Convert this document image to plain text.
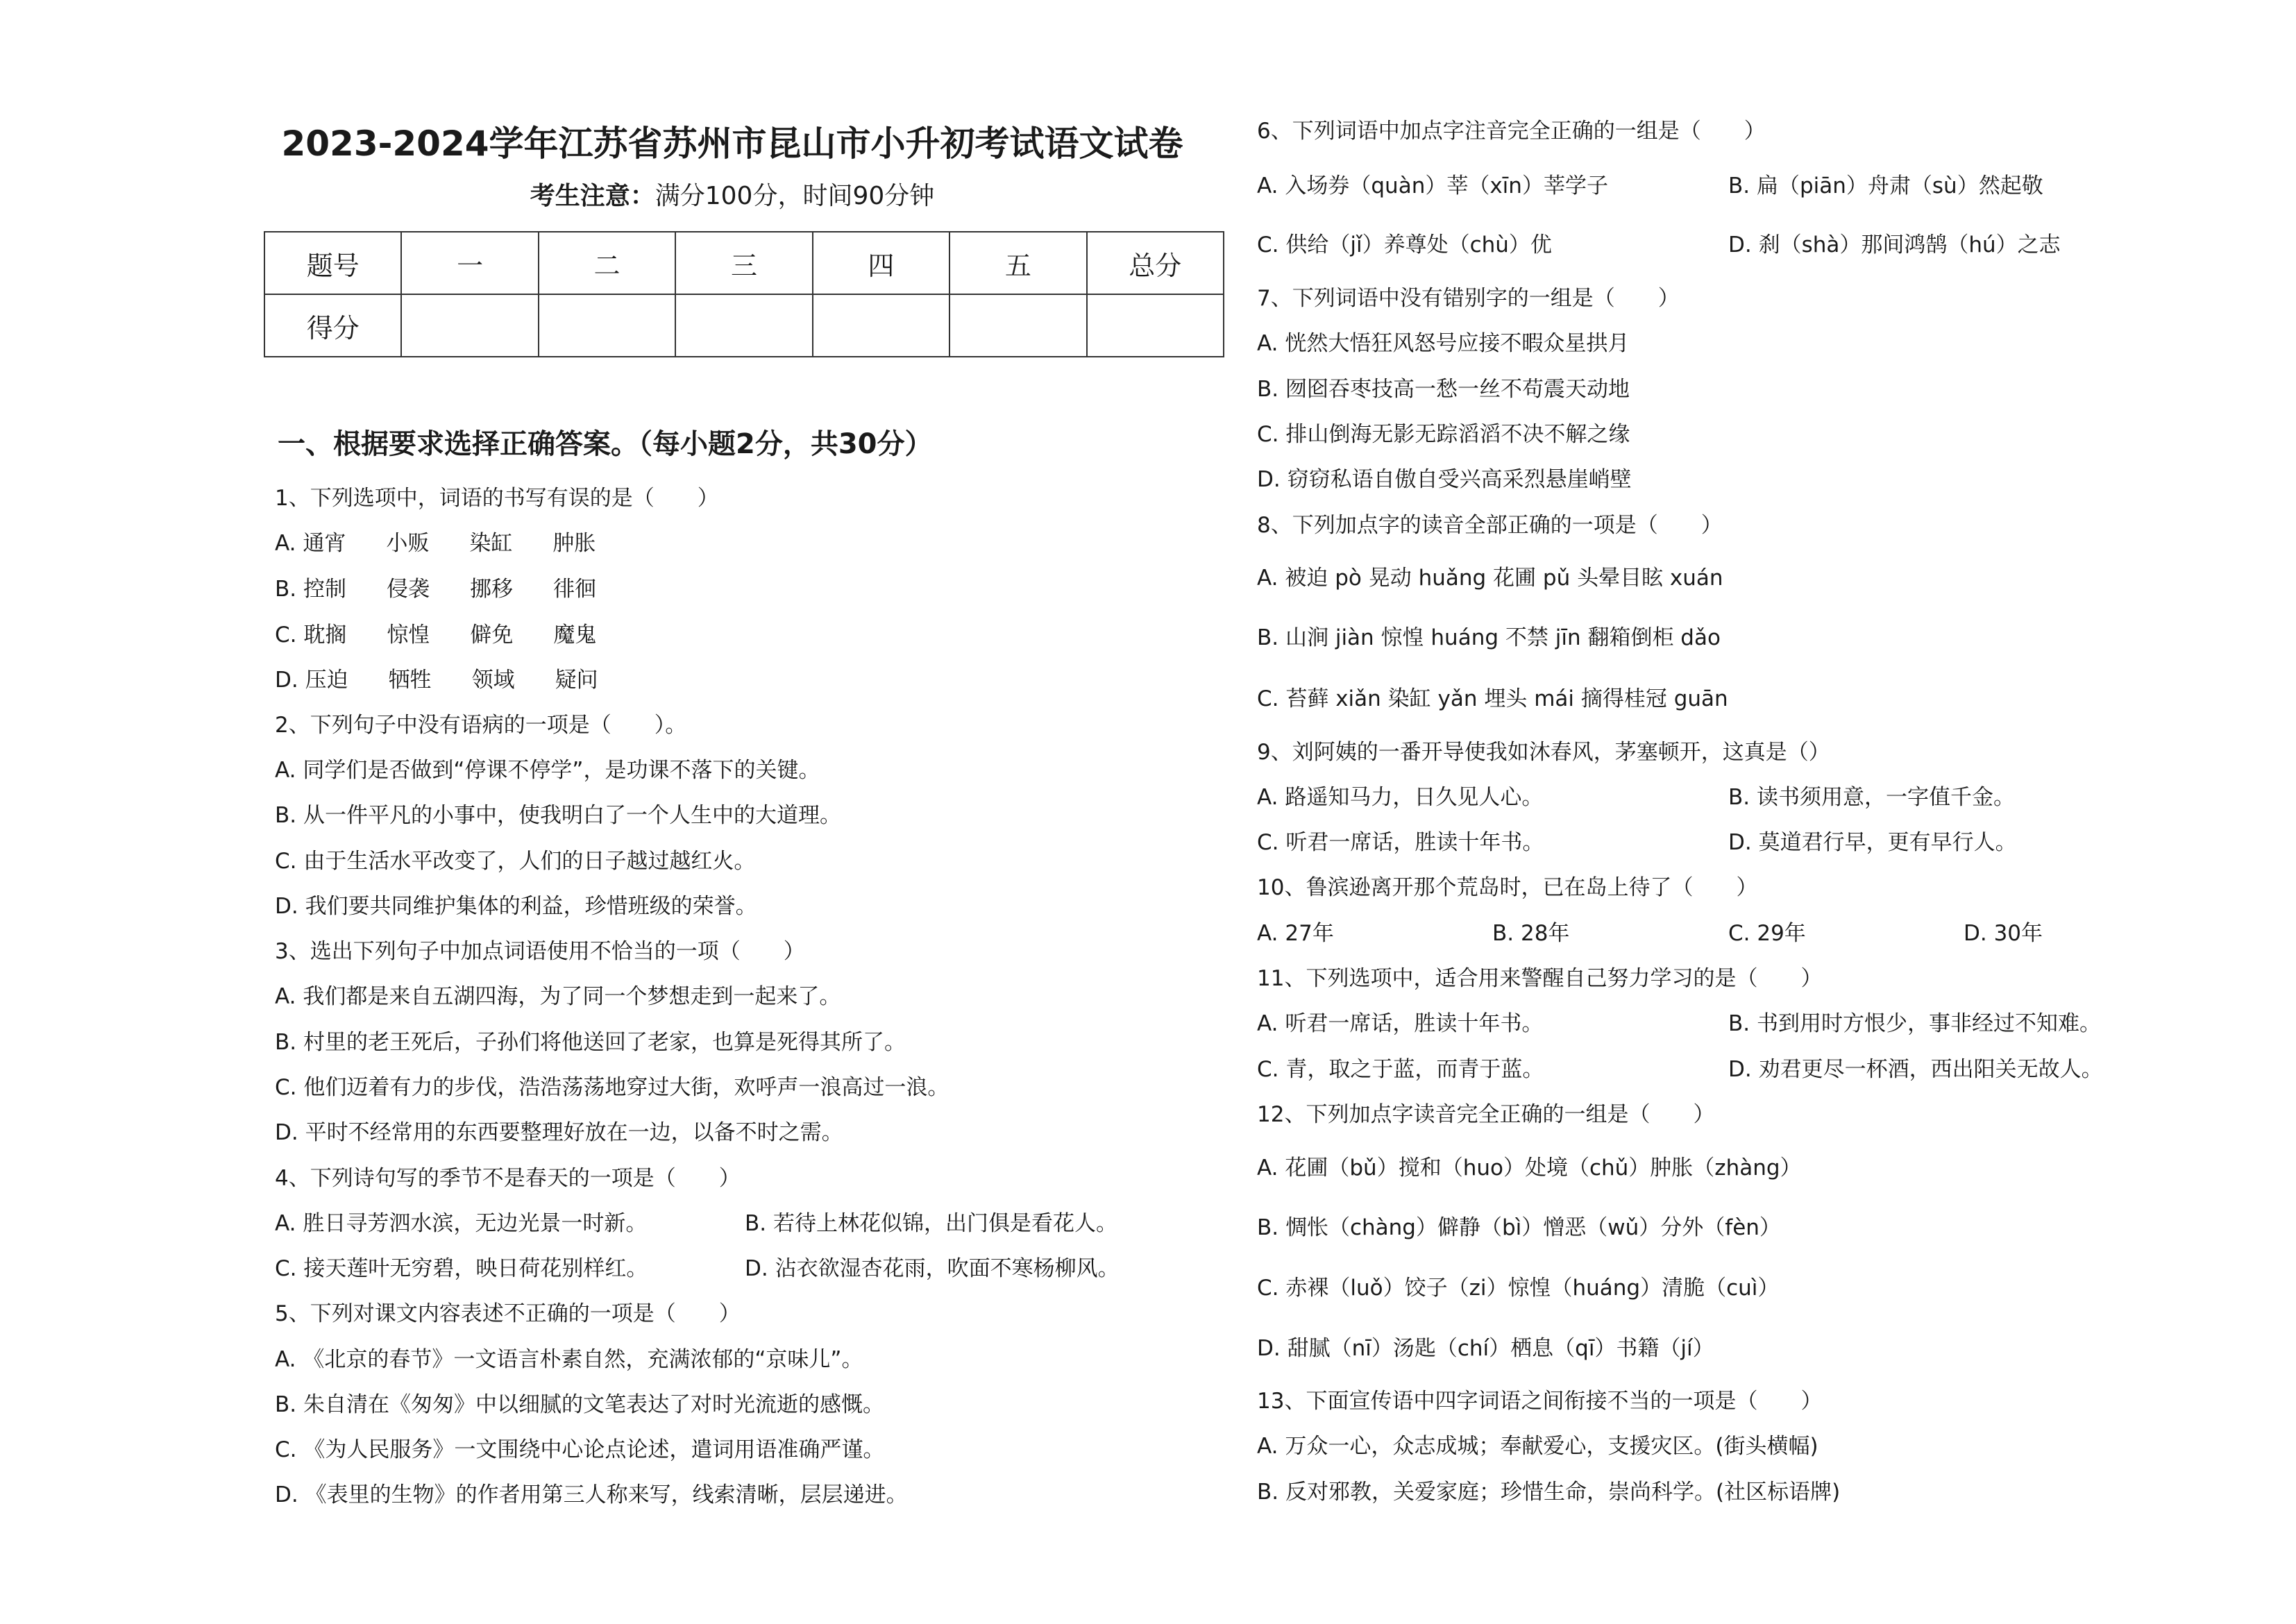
2023-2024学年江苏省苏州市昆山市小升初考试语文试卷
考生注意：满分100分，时间90分钟
题号	一	二	三	四	五	总分
得分						
一、根据要求选择正确答案。（每小题2分，共30分）
1、下列选项中，词语的书写有误的是（　　）
A. 通宵 小贩 染缸 肿胀
B. 控制 侵袭 挪移 徘徊
C. 耽搁 惊惶 僻免 魔鬼
D. 压迫 牺牲 领域 疑问
2、下列句子中没有语病的一项是（　　）。
A. 同学们是否做到“停课不停学”，是功课不落下的关键。
B. 从一件平凡的小事中，使我明白了一个人生中的大道理。
C. 由于生活水平改变了，人们的日子越过越红火。
D. 我们要共同维护集体的利益，珍惜班级的荣誉。
3、选出下列句子中加点词语使用不恰当的一项（　　）
A. 我们都是来自五湖四海，为了同一个梦想走到一起来了。
B. 村里的老王死后，子孙们将他送回了老家，也算是死得其所了。
C. 他们迈着有力的步伐，浩浩荡荡地穿过大街，欢呼声一浪高过一浪。
D. 平时不经常用的东西要整理好放在一边，以备不时之需。
4、下列诗句写的季节不是春天的一项是（　　）
A. 胜日寻芳泗水滨，无边光景一时新。	B. 若待上林花似锦，出门俱是看花人。
C. 接天莲叶无穷碧，映日荷花别样红。	D. 沾衣欲湿杏花雨，吹面不寒杨柳风。
5、下列对课文内容表述不正确的一项是（　　）
A. 《北京的春节》一文语言朴素自然，充满浓郁的“京味儿”。
B. 朱自清在《匆匆》中以细腻的文笔表达了对时光流逝的感慨。
C. 《为人民服务》一文围绕中心论点论述，遣词用语准确严谨。
D. 《表里的生物》的作者用第三人称来写，线索清晰，层层递进。
6、下列词语中加点字注音完全正确的一组是（　　）
A. 入场券（quàn）莘（xīn）莘学子	B. 扁（piān）舟肃（sù）然起敬
C. 供给（jǐ）养尊处（chù）优	D. 刹（shà）那间鸿鹄（hú）之志
7、下列词语中没有错别字的一组是（　　）
A. 恍然大悟狂风怒号应接不暇众星拱月
B. 囫囵吞枣技高一愁一丝不苟震天动地
C. 排山倒海无影无踪滔滔不决不解之缘
D. 窃窃私语自傲自受兴高采烈悬崖峭壁
8、下列加点字的读音全部正确的一项是（　　）
A. 被迫 pò 晃动 huǎng 花圃 pǔ 头晕目眩 xuán
B. 山涧 jiàn 惊惶 huáng 不禁 jīn 翻箱倒柜 dǎo
C. 苔藓 xiǎn 染缸 yǎn 埋头 mái 摘得桂冠 guān
9、刘阿姨的一番开导使我如沐春风，茅塞顿开，这真是（）
A. 路遥知马力，日久见人心。	B. 读书须用意，一字值千金。
C. 听君一席话，胜读十年书。	D. 莫道君行早，更有早行人。
10、鲁滨逊离开那个荒岛时，已在岛上待了（　　）
A. 27年	B. 28年	C. 29年	D. 30年
11、下列选项中，适合用来警醒自己努力学习的是（　　）
A. 听君一席话，胜读十年书。	B. 书到用时方恨少，事非经过不知难。
C. 青，取之于蓝，而青于蓝。	D. 劝君更尽一杯酒，西出阳关无故人。
12、下列加点字读音完全正确的一组是（　　）
A. 花圃（bǔ）搅和（huo）处境（chǔ）肿胀（zhàng）
B. 惆怅（chàng）僻静（bì）憎恶（wǔ）分外（fèn）
C. 赤裸（luǒ）饺子（zi）惊惶（huáng）清脆（cuì）
D. 甜腻（nī）汤匙（chí）栖息（qī）书籍（jí）
13、下面宣传语中四字词语之间衔接不当的一项是（　　）
A. 万众一心，众志成城；奉献爱心，支援灾区。(街头横幅)
B. 反对邪教，关爱家庭；珍惜生命，崇尚科学。(社区标语牌)
